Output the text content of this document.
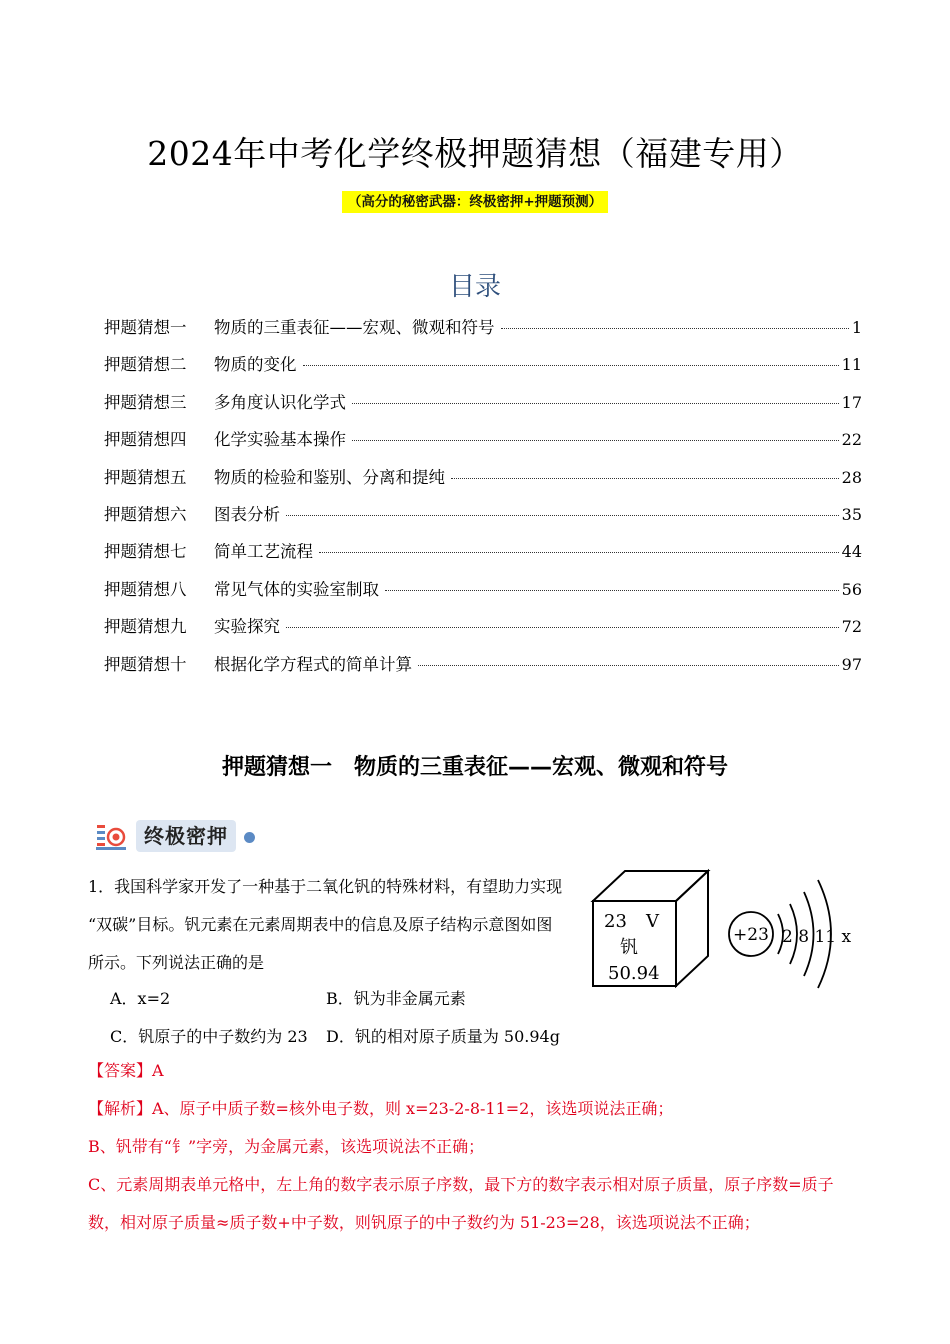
2024年中考化学终极押题猜想（福建专用）
（高分的秘密武器：终极密押+押题预测）
目录
押题猜想一	物质的三重表征——宏观、微观和符号	1
押题猜想二	物质的变化	11
押题猜想三	多角度认识化学式	17
押题猜想四	化学实验基本操作	22
押题猜想五	物质的检验和鉴别、分离和提纯	28
押题猜想六	图表分析	35
押题猜想七	简单工艺流程	44
押题猜想八	常见气体的实验室制取	56
押题猜想九	实验探究	72
押题猜想十	根据化学方程式的简单计算	97
押题猜想一　物质的三重表征——宏观、微观和符号
终极密押

1．我国科学家开发了一种基于二氧化钒的特殊材料，有望助力实现

“双碳”目标。钒元素在元素周期表中的信息及原子结构示意图如图

所示。下列说法正确的是

A．x=2	B．钒为非金属元素
C．钒原子的中子数约为 23	D．钒的相对原子质量为 50.94g
23 V
钒
50.94
+23 2 8 11 x

【答案】A

【解析】A、原子中质子数=核外电子数，则 x=23-2-8-11=2，该选项说法正确；

B、钒带有“钅”字旁，为金属元素，该选项说法不正确；

C、元素周期表单元格中，左上角的数字表示原子序数，最下方的数字表示相对原子质量，原子序数=质子

数，相对原子质量≈质子数+中子数，则钒原子的中子数约为 51-23=28，该选项说法不正确；
